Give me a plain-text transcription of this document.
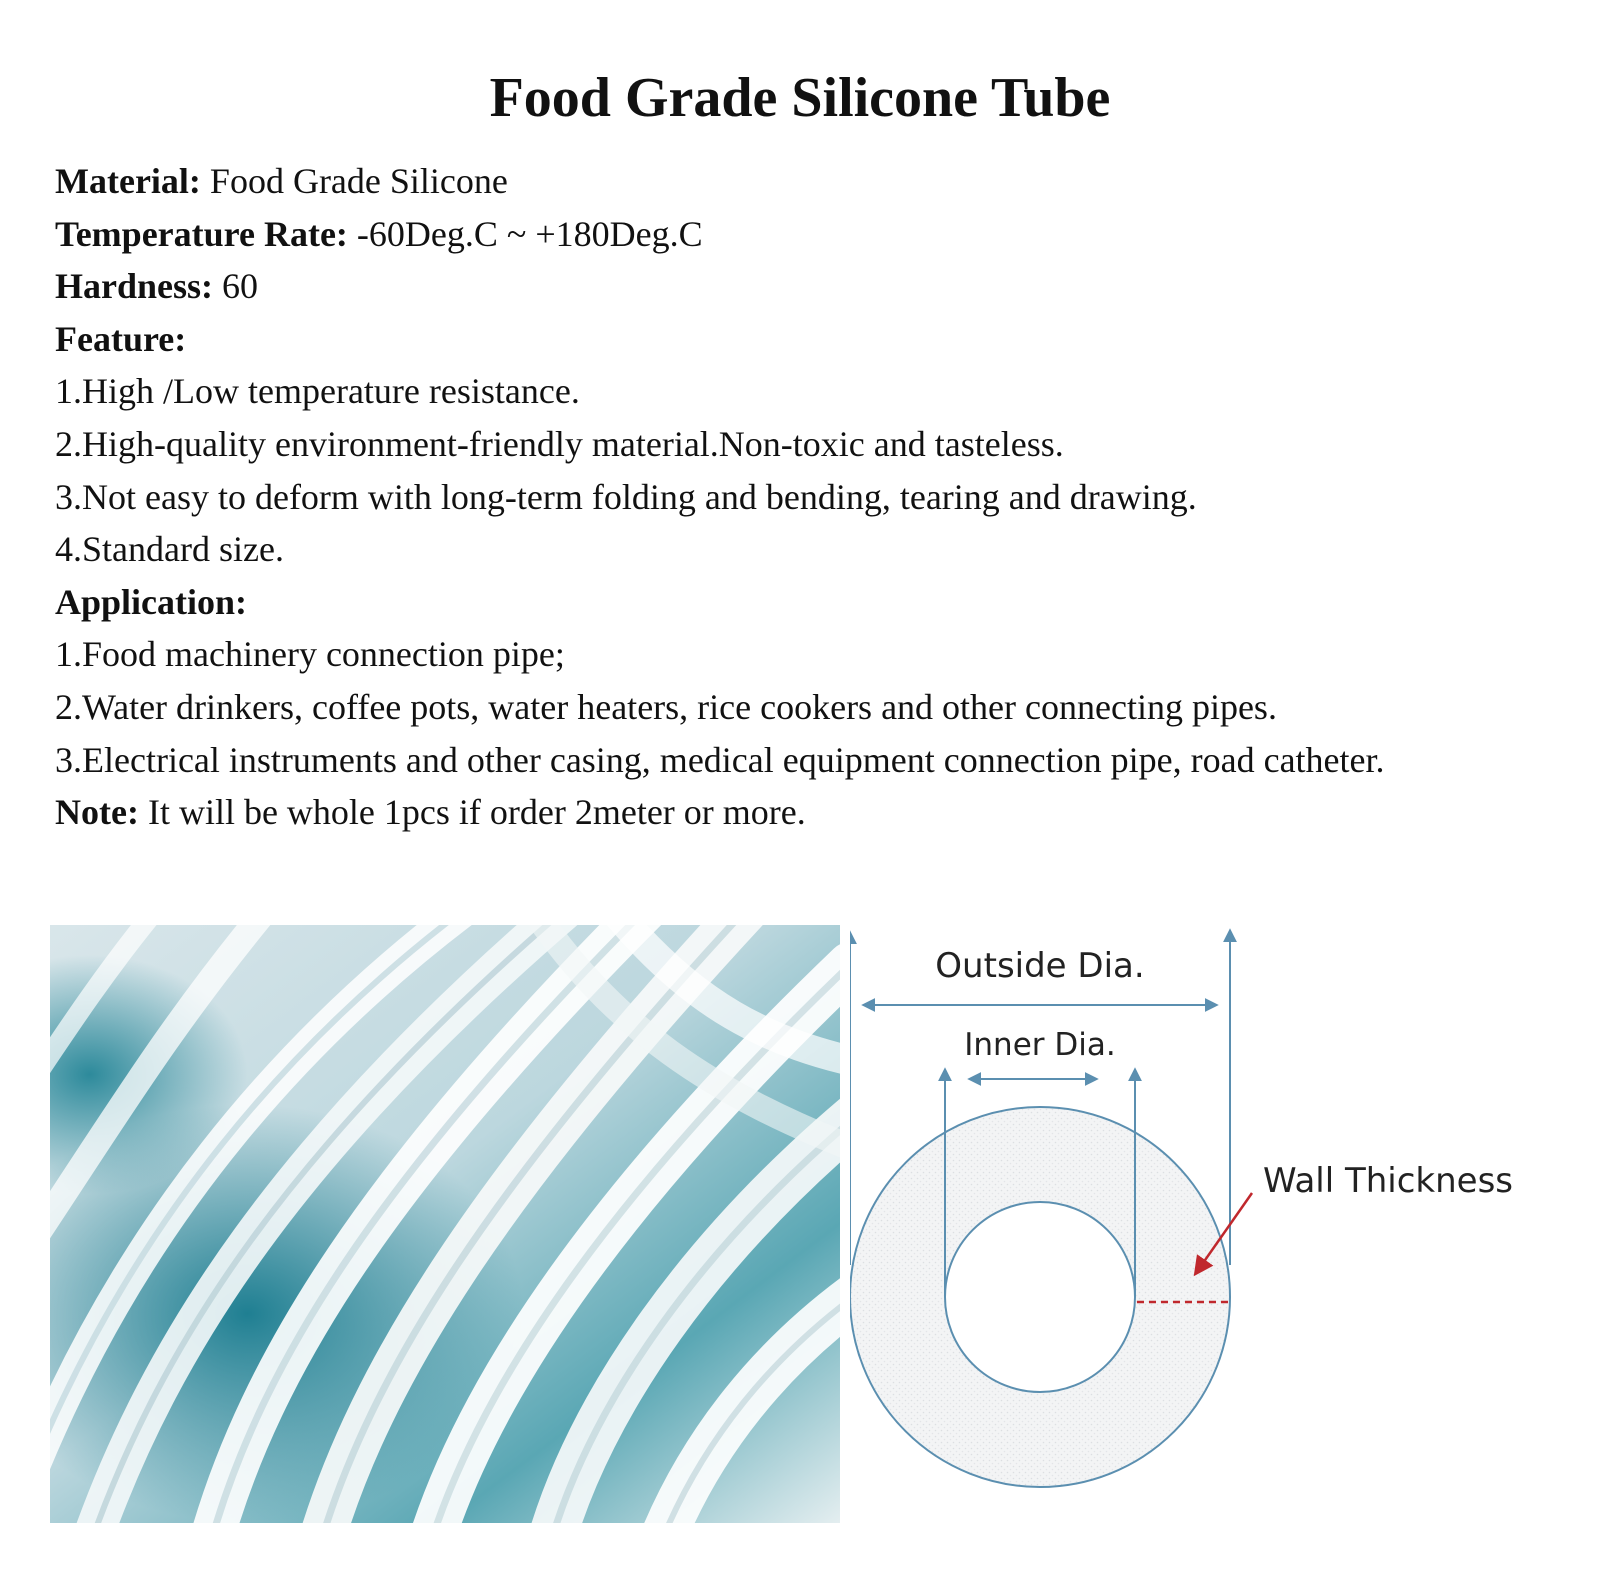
Food Grade Silicone Tube
Material: Food Grade Silicone
Temperature Rate: -60Deg.C ~ +180Deg.C
Hardness: 60
Feature:
1.High /Low temperature resistance.
2.High-quality environment-friendly material.Non-toxic and tasteless.
3.Not easy to deform with long-term folding and bending, tearing and drawing.
4.Standard size.
Application:
1.Food machinery connection pipe;
2.Water drinkers, coffee pots, water heaters, rice cookers and other connecting pipes.
3.Electrical instruments and other casing, medical equipment connection pipe, road catheter.
Note: It will be whole 1pcs if order 2meter or more.
Outside Dia.
Inner Dia.
Wall Thickness
